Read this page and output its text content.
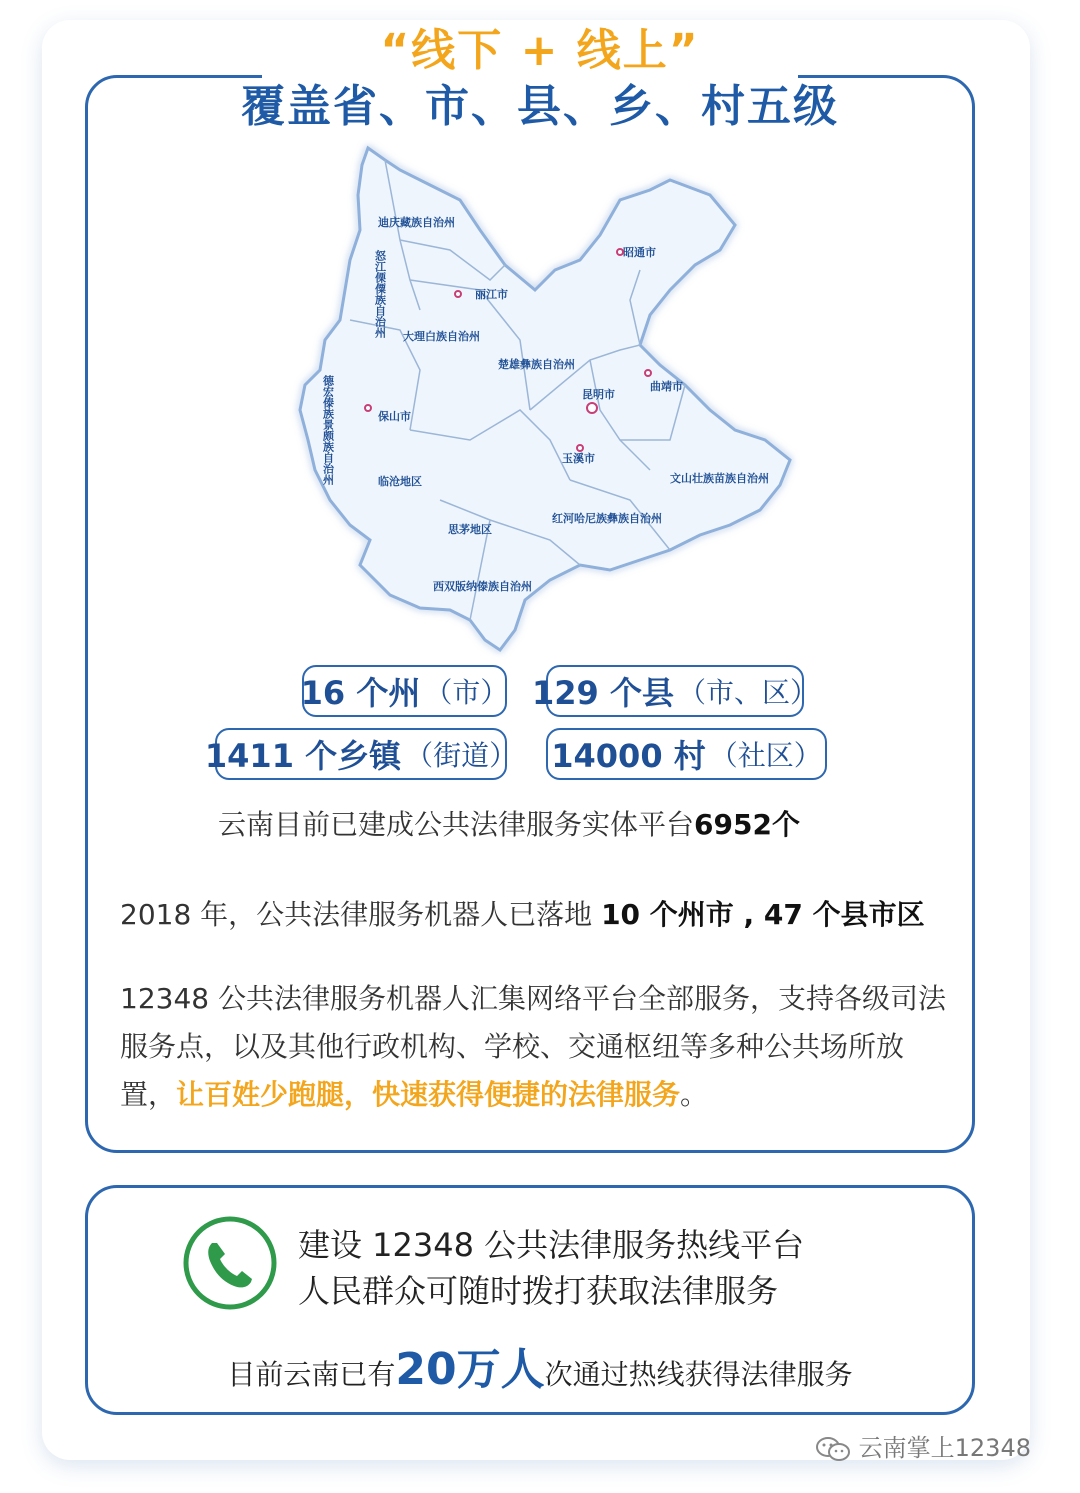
“线下 + 线上”
覆盖省、市、县、乡、村五级
迪庆藏族自治州
丽江市
大理白族自治州
楚雄彝族自治州
昭通市
曲靖市
昆明市
保山市
玉溪市
临沧地区	文山壮族苗族自治州
思茅地区
红河哈尼族彝族自治州
西双版纳傣族自治州
怒江傈僳族自治州
德宏傣族景颇族自治州
16 个州 （市） 129 个县 （市、区）
1411 个乡镇 （街道） 14000 村 （社区）
云南目前已建成公共法律服务实体平台6952个
2018 年，公共法律服务机器人已落地 10 个州市 , 47 个县市区
12348 公共法律服务机器人汇集网络平台全部服务，支持各级司法服务点，以及其他行政机构、学校、交通枢纽等多种公共场所放置，让百姓少跑腿，快速获得便捷的法律服务。
建设 12348 公共法律服务热线平台
人民群众可随时拨打获取法律服务
目前云南已有20万人次通过热线获得法律服务
云南掌上12348
